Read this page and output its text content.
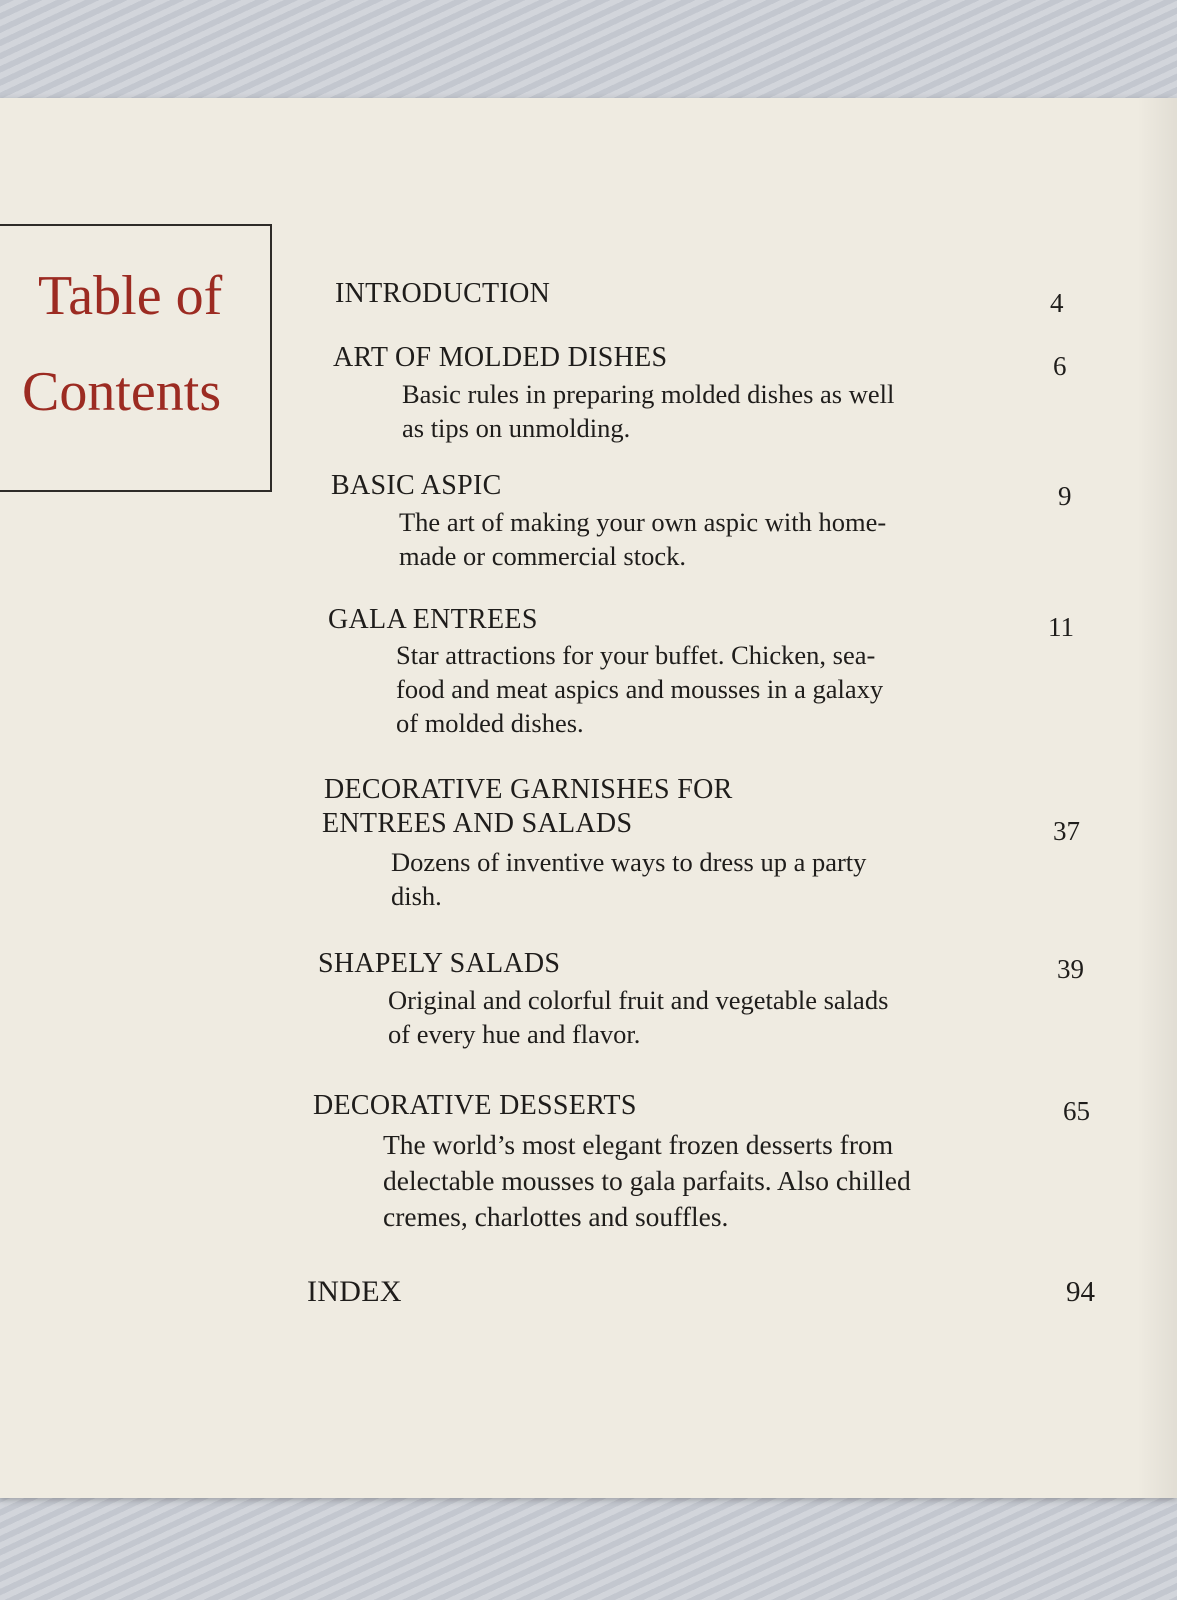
Table of
Contents
INTRODUCTION	4
ART OF MOLDED DISHES	6
Basic rules in preparing molded dishes as well
as tips on unmolding.
BASIC ASPIC	9
The art of making your own aspic with home-
made or commercial stock.
GALA ENTREES	11
Star attractions for your buffet. Chicken, sea-
food and meat aspics and mousses in a galaxy
of molded dishes.
DECORATIVE GARNISHES FOR
ENTREES AND SALADS	37
Dozens of inventive ways to dress up a party
dish.
SHAPELY SALADS	39
Original and colorful fruit and vegetable salads
of every hue and flavor.
DECORATIVE DESSERTS	65
The world’s most elegant frozen desserts from
delectable mousses to gala parfaits. Also chilled
cremes, charlottes and souffles.
INDEX	94
